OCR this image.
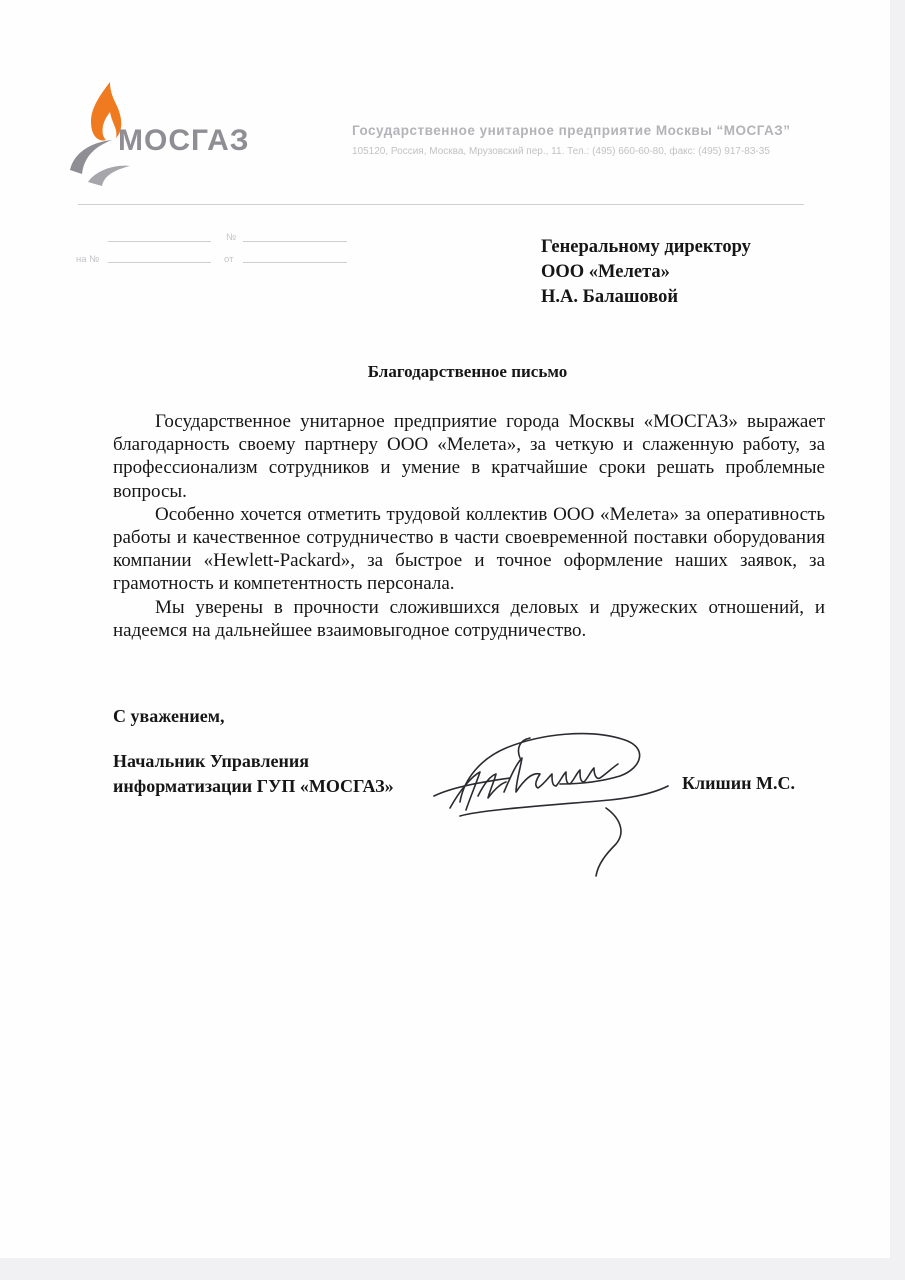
МОСГАЗ	Государственное унитарное предприятие Москвы “МОСГАЗ”
105120, Россия, Москва, Мрузовский пер., 11. Тел.: (495) 660-60-80, факс: (495) 917-83-35
№
на №	от
Генеральному директору
ООО «Мелета»
Н.А. Балашовой
Благодарственное письмо

Государственное унитарное предприятие города Москвы «МОСГАЗ» выражает благодарность своему партнеру ООО «Мелета», за четкую и слаженную работу, за профессионализм сотрудников и умение в кратчайшие сроки решать проблемные вопросы.

Особенно хочется отметить трудовой коллектив ООО «Мелета» за оперативность работы и качественное сотрудничество в части своевременной поставки оборудования компании «Hewlett-Packard», за быстрое и точное оформление наших заявок, за грамотность и компетентность персонала.

Мы уверены в прочности сложившихся деловых и дружеских отношений, и надеемся на дальнейшее взаимовыгодное сотрудничество.

С уважением,
Начальник Управления
информатизации ГУП «МОСГАЗ»	Клишин М.С.
